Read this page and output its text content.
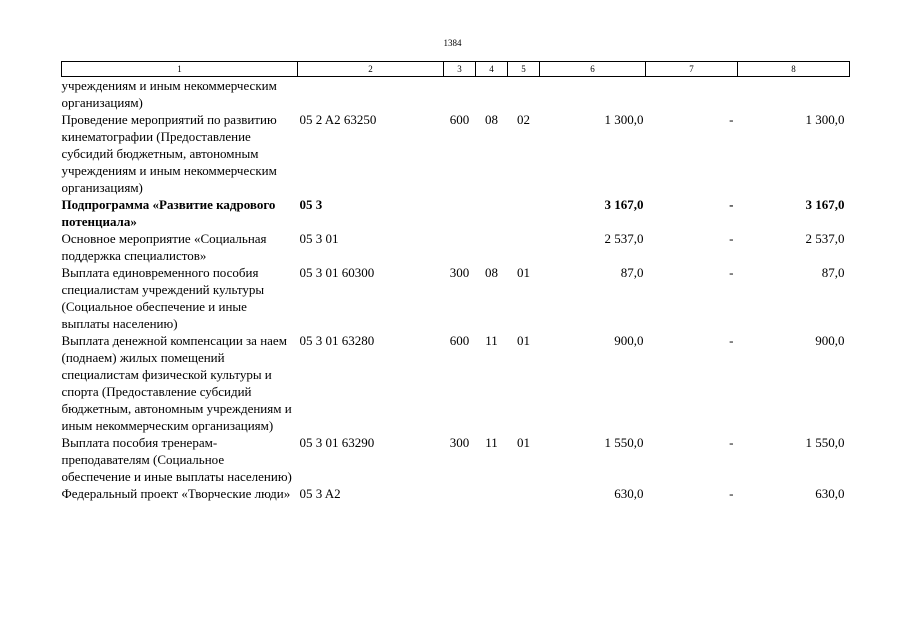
1384
1	2	3	4	5	6	7	8
учреждениям и иным некоммерческим организациям)							
Проведение мероприятий по развитию кинематографии (Предоставление субсидий бюджетным, автономным учреждениям и иным некоммерческим организациям)	05 2 A2 63250	600	08	02	1 300,0	-	1 300,0
Подпрограмма «Развитие кадрового потенциала»	05 3				3 167,0	-	3 167,0
Основное мероприятие «Социальная поддержка специалистов»	05 3 01				2 537,0	-	2 537,0
Выплата единовременного пособия специалистам учреждений культуры (Социальное обеспечение и иные выплаты населению)	05 3 01 60300	300	08	01	87,0	-	87,0
Выплата денежной компенсации за наем (поднаем) жилых помещений специалистам физической культуры и спорта (Предоставление субсидий бюджетным, автономным учреждениям и иным некоммерческим организациям)	05 3 01 63280	600	11	01	900,0	-	900,0
Выплата пособия тренерам-преподавателям (Социальное обеспечение и иные выплаты населению)	05 3 01 63290	300	11	01	1 550,0	-	1 550,0
Федеральный проект «Творческие люди»	05 3 A2				630,0	-	630,0
